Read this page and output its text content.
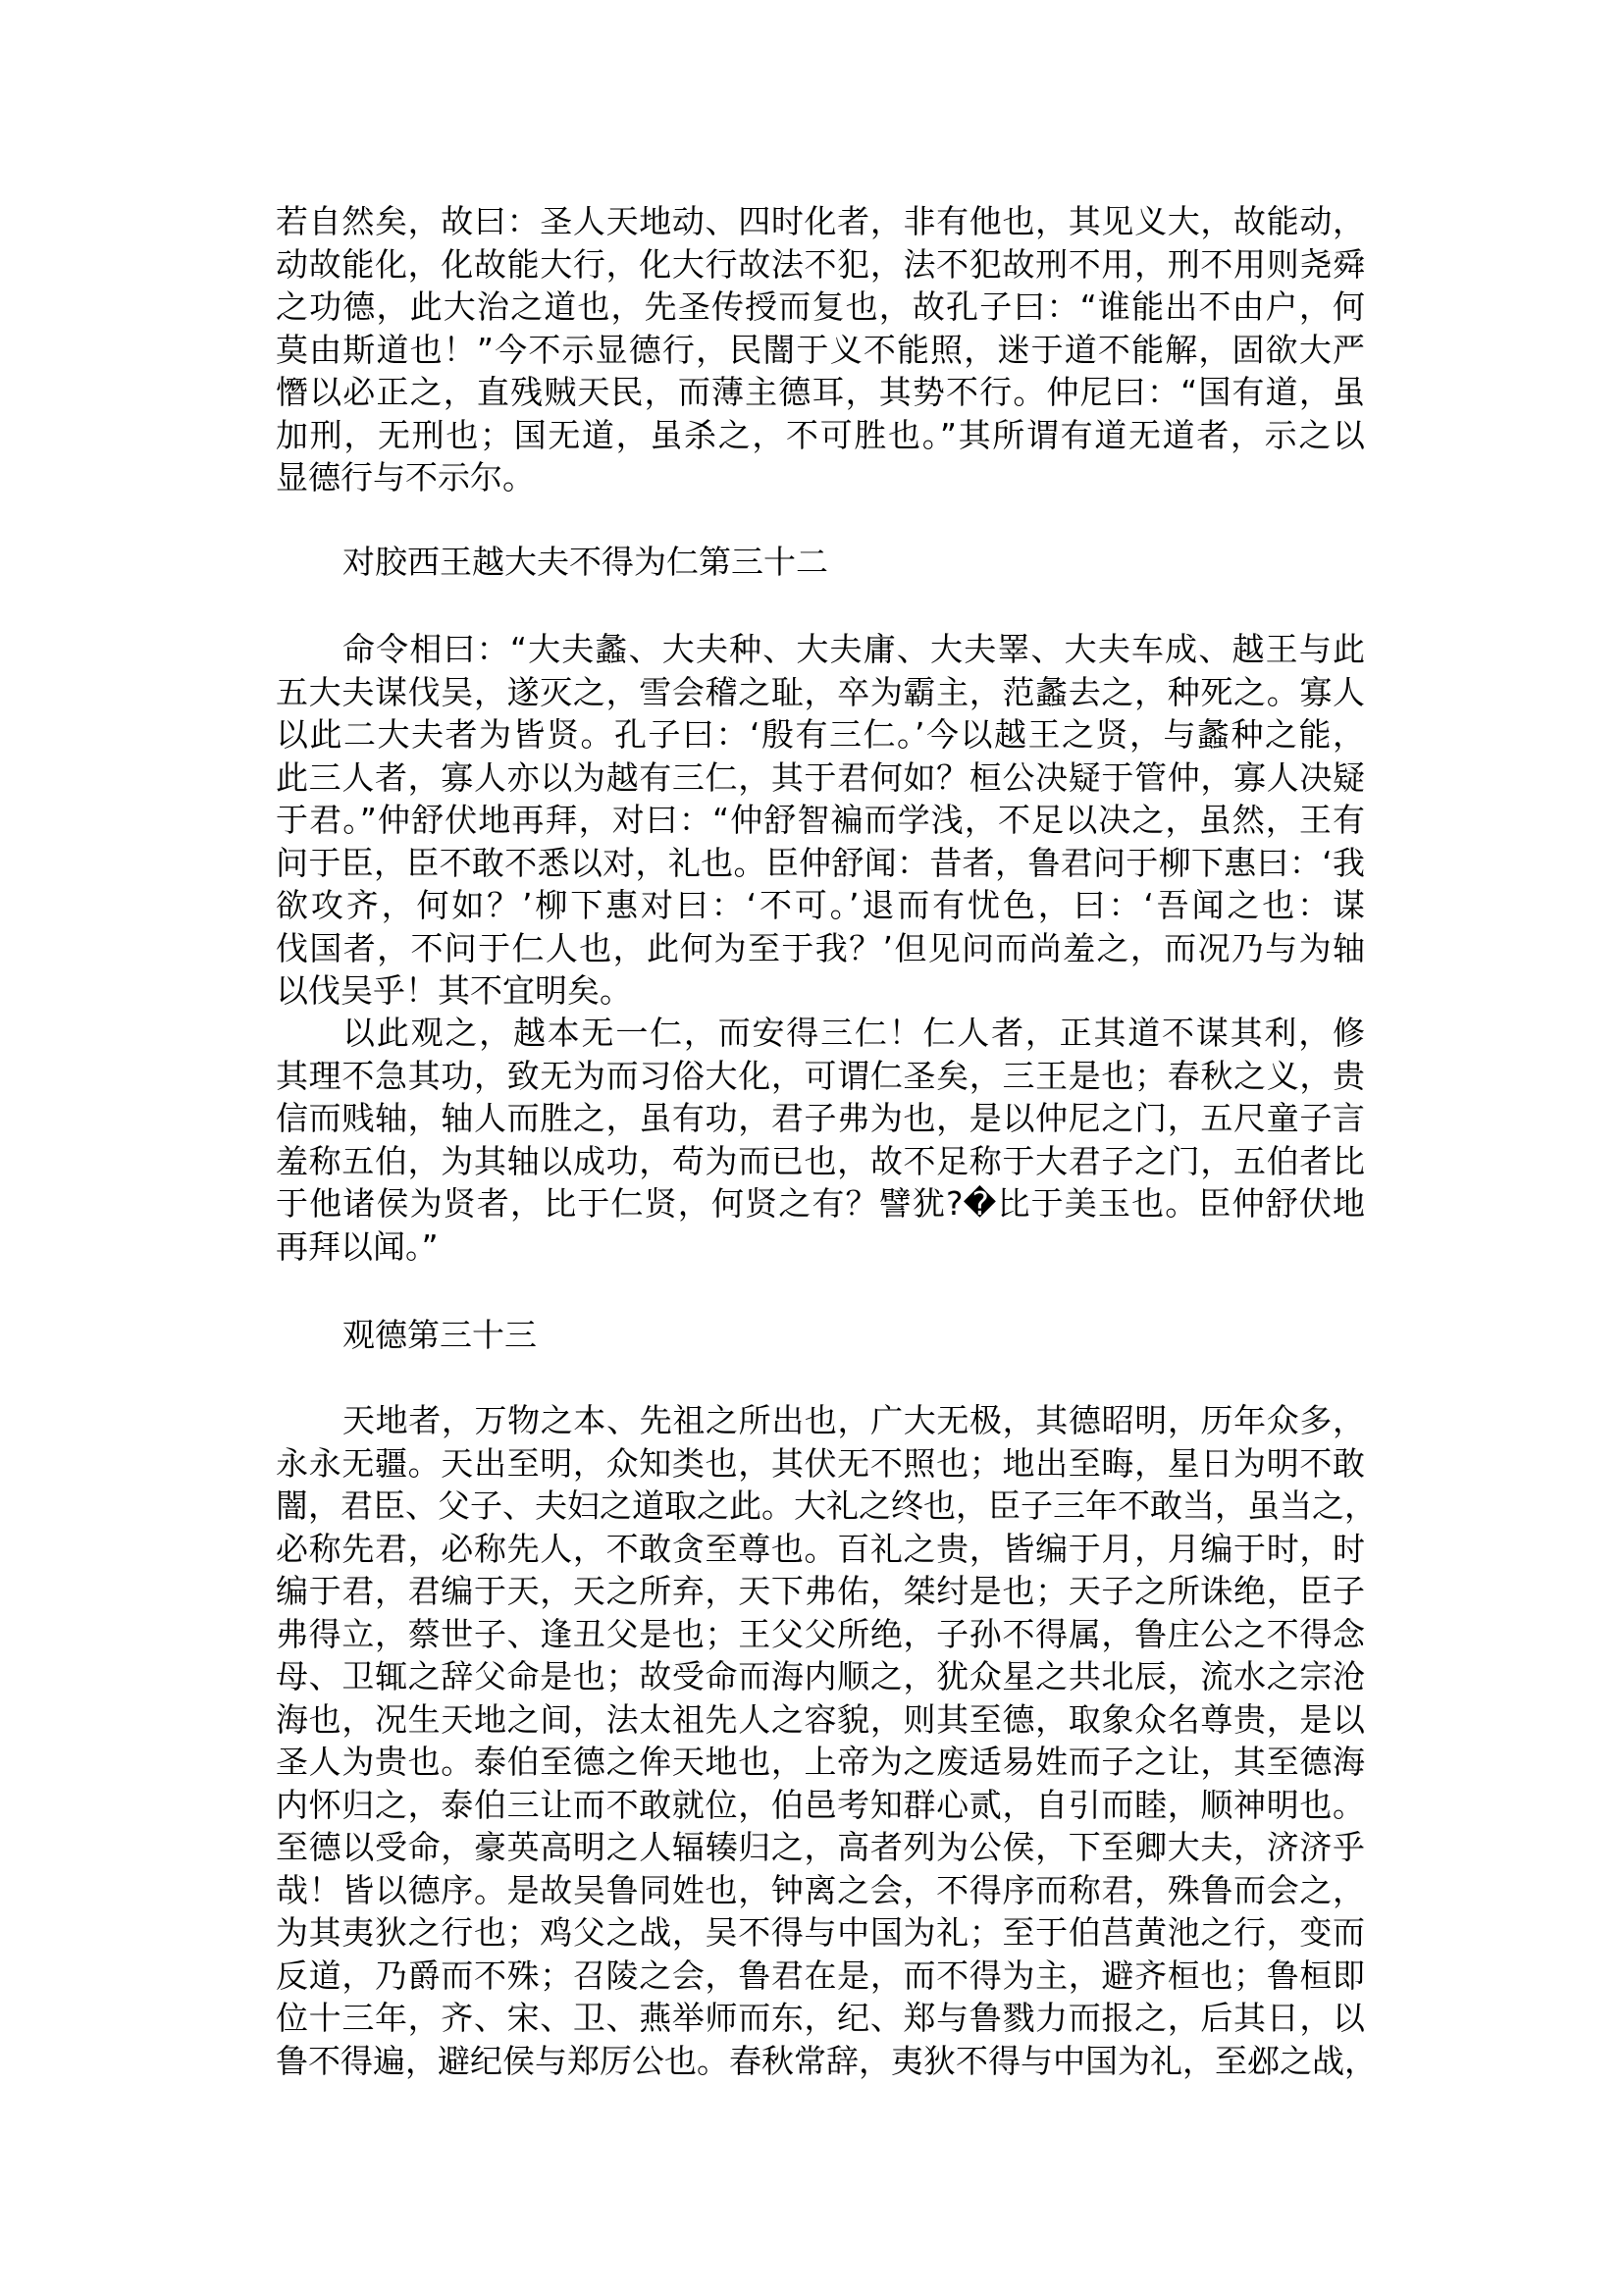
若自然矣，故曰：圣人天地动、四时化者，非有他也，其见义大，故能动，
动故能化，化故能大行，化大行故法不犯，法不犯故刑不用，刑不用则尧舜
之功德，此大治之道也，先圣传授而复也，故孔子曰：“谁能出不由户，何
莫由斯道也！”今不示显德行，民闇于义不能照，迷于道不能解，固欲大严
憯以必正之，直残贼天民，而薄主德耳，其势不行。仲尼曰：“国有道，虽
加刑，无刑也；国无道，虽杀之，不可胜也。”其所谓有道无道者，示之以
显德行与不示尔。
对胶西王越大夫不得为仁第三十二
命令相曰：“大夫蠡、大夫种、大夫庸、大夫睪、大夫车成、越王与此
五大夫谋伐吴，遂灭之，雪会稽之耻，卒为霸主，范蠡去之，种死之。寡人
以此二大夫者为皆贤。孔子曰：‘殷有三仁。’今以越王之贤，与蠡种之能，
此三人者，寡人亦以为越有三仁，其于君何如？桓公决疑于管仲，寡人决疑
于君。”仲舒伏地再拜，对曰：“仲舒智褊而学浅，不足以决之，虽然，王有
问于臣，臣不敢不悉以对，礼也。臣仲舒闻：昔者，鲁君问于柳下惠曰：‘我
欲攻齐，何如？’柳下惠对曰：‘不可。’退而有忧色，曰：‘吾闻之也：谋
伐国者，不问于仁人也，此何为至于我？’但见问而尚羞之，而况乃与为轴
以伐吴乎！其不宜明矣。
以此观之，越本无一仁，而安得三仁！仁人者，正其道不谋其利，修
其理不急其功，致无为而习俗大化，可谓仁圣矣，三王是也；春秋之义，贵
信而贱轴，轴人而胜之，虽有功，君子弗为也，是以仲尼之门，五尺童子言
羞称五伯，为其轴以成功，苟为而已也，故不足称于大君子之门，五伯者比
于他诸侯为贤者，比于仁贤，何贤之有？譬犹?�比于美玉也。臣仲舒伏地
再拜以闻。”
观德第三十三
天地者，万物之本、先祖之所出也，广大无极，其德昭明，历年众多，
永永无疆。天出至明，众知类也，其伏无不照也；地出至晦，星日为明不敢
闇，君臣、父子、夫妇之道取之此。大礼之终也，臣子三年不敢当，虽当之，
必称先君，必称先人，不敢贪至尊也。百礼之贵，皆编于月，月编于时，时
编于君，君编于天，天之所弃，天下弗佑，桀纣是也；天子之所诛绝，臣子
弗得立，蔡世子、逢丑父是也；王父父所绝，子孙不得属，鲁庄公之不得念
母、卫辄之辞父命是也；故受命而海内顺之，犹众星之共北辰，流水之宗沧
海也，况生天地之间，法太祖先人之容貌，则其至德，取象众名尊贵，是以
圣人为贵也。泰伯至德之侔天地也，上帝为之废适易姓而子之让，其至德海
内怀归之，泰伯三让而不敢就位，伯邑考知群心贰，自引而睦，顺神明也。
至德以受命，豪英高明之人辐辏归之，高者列为公侯，下至卿大夫，济济乎
哉！皆以德序。是故吴鲁同姓也，钟离之会，不得序而称君，殊鲁而会之，
为其夷狄之行也；鸡父之战，吴不得与中国为礼；至于伯莒黄池之行，变而
反道，乃爵而不殊；召陵之会，鲁君在是，而不得为主，避齐桓也；鲁桓即
位十三年，齐、宋、卫、燕举师而东，纪、郑与鲁戮力而报之，后其日，以
鲁不得遍，避纪侯与郑厉公也。春秋常辞，夷狄不得与中国为礼，至邲之战，
